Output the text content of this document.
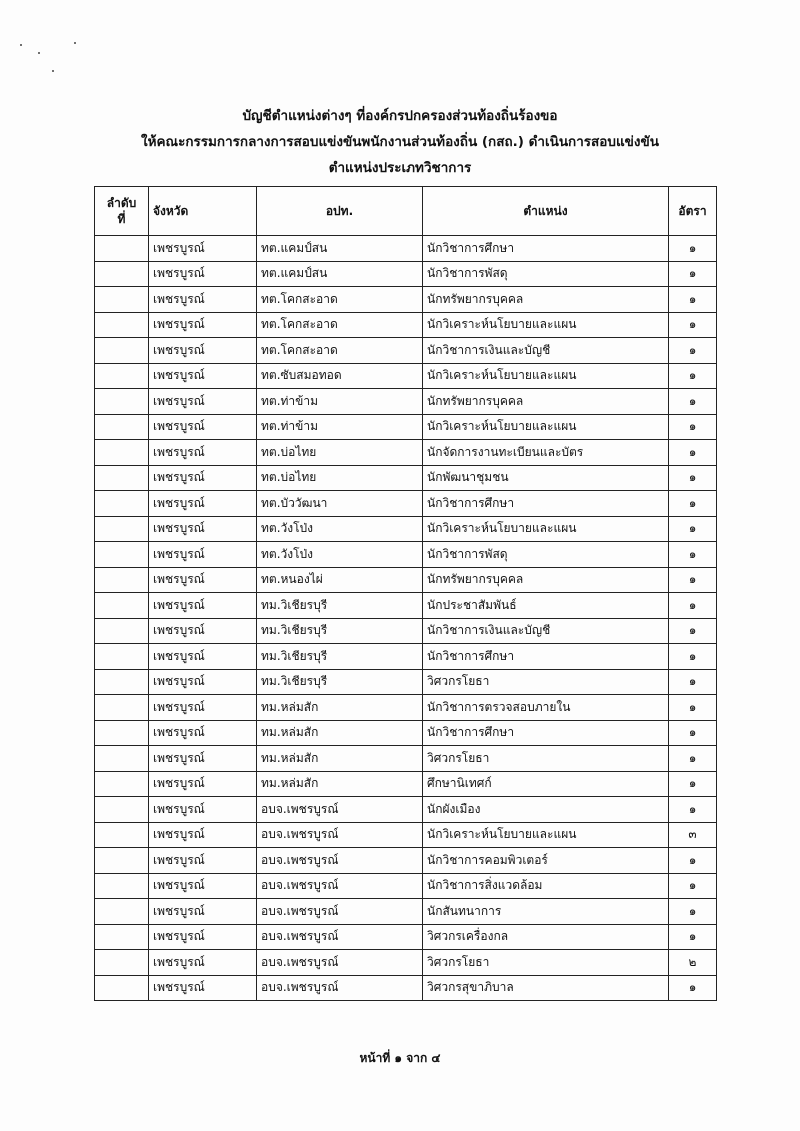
บัญชีตำแหน่งต่างๆ ที่องค์กรปกครองส่วนท้องถิ่นร้องขอ
ให้คณะกรรมการกลางการสอบแข่งขันพนักงานส่วนท้องถิ่น (กสถ.) ดำเนินการสอบแข่งขัน
ตำแหน่งประเภทวิชาการ
ลำดับ
ที่	จังหวัด	อปท.	ตำแหน่ง	อัตรา
	เพชรบูรณ์	ทต.แคมป์สน	นักวิชาการศึกษา	๑
	เพชรบูรณ์	ทต.แคมป์สน	นักวิชาการพัสดุ	๑
	เพชรบูรณ์	ทต.โคกสะอาด	นักทรัพยากรบุคคล	๑
	เพชรบูรณ์	ทต.โคกสะอาด	นักวิเคราะห์นโยบายและแผน	๑
	เพชรบูรณ์	ทต.โคกสะอาด	นักวิชาการเงินและบัญชี	๑
	เพชรบูรณ์	ทต.ซับสมอทอด	นักวิเคราะห์นโยบายและแผน	๑
	เพชรบูรณ์	ทต.ท่าข้าม	นักทรัพยากรบุคคล	๑
	เพชรบูรณ์	ทต.ท่าข้าม	นักวิเคราะห์นโยบายและแผน	๑
	เพชรบูรณ์	ทต.บ่อไทย	นักจัดการงานทะเบียนและบัตร	๑
	เพชรบูรณ์	ทต.บ่อไทย	นักพัฒนาชุมชน	๑
	เพชรบูรณ์	ทต.บัววัฒนา	นักวิชาการศึกษา	๑
	เพชรบูรณ์	ทต.วังโป่ง	นักวิเคราะห์นโยบายและแผน	๑
	เพชรบูรณ์	ทต.วังโป่ง	นักวิชาการพัสดุ	๑
	เพชรบูรณ์	ทต.หนองไผ่	นักทรัพยากรบุคคล	๑
	เพชรบูรณ์	ทม.วิเชียรบุรี	นักประชาสัมพันธ์	๑
	เพชรบูรณ์	ทม.วิเชียรบุรี	นักวิชาการเงินและบัญชี	๑
	เพชรบูรณ์	ทม.วิเชียรบุรี	นักวิชาการศึกษา	๑
	เพชรบูรณ์	ทม.วิเชียรบุรี	วิศวกรโยธา	๑
	เพชรบูรณ์	ทม.หล่มสัก	นักวิชาการตรวจสอบภายใน	๑
	เพชรบูรณ์	ทม.หล่มสัก	นักวิชาการศึกษา	๑
	เพชรบูรณ์	ทม.หล่มสัก	วิศวกรโยธา	๑
	เพชรบูรณ์	ทม.หล่มสัก	ศึกษานิเทศก์	๑
	เพชรบูรณ์	อบจ.เพชรบูรณ์	นักผังเมือง	๑
	เพชรบูรณ์	อบจ.เพชรบูรณ์	นักวิเคราะห์นโยบายและแผน	๓
	เพชรบูรณ์	อบจ.เพชรบูรณ์	นักวิชาการคอมพิวเตอร์	๑
	เพชรบูรณ์	อบจ.เพชรบูรณ์	นักวิชาการสิ่งแวดล้อม	๑
	เพชรบูรณ์	อบจ.เพชรบูรณ์	นักสันทนาการ	๑
	เพชรบูรณ์	อบจ.เพชรบูรณ์	วิศวกรเครื่องกล	๑
	เพชรบูรณ์	อบจ.เพชรบูรณ์	วิศวกรโยธา	๒
	เพชรบูรณ์	อบจ.เพชรบูรณ์	วิศวกรสุขาภิบาล	๑
หน้าที่ ๑ จาก ๔
